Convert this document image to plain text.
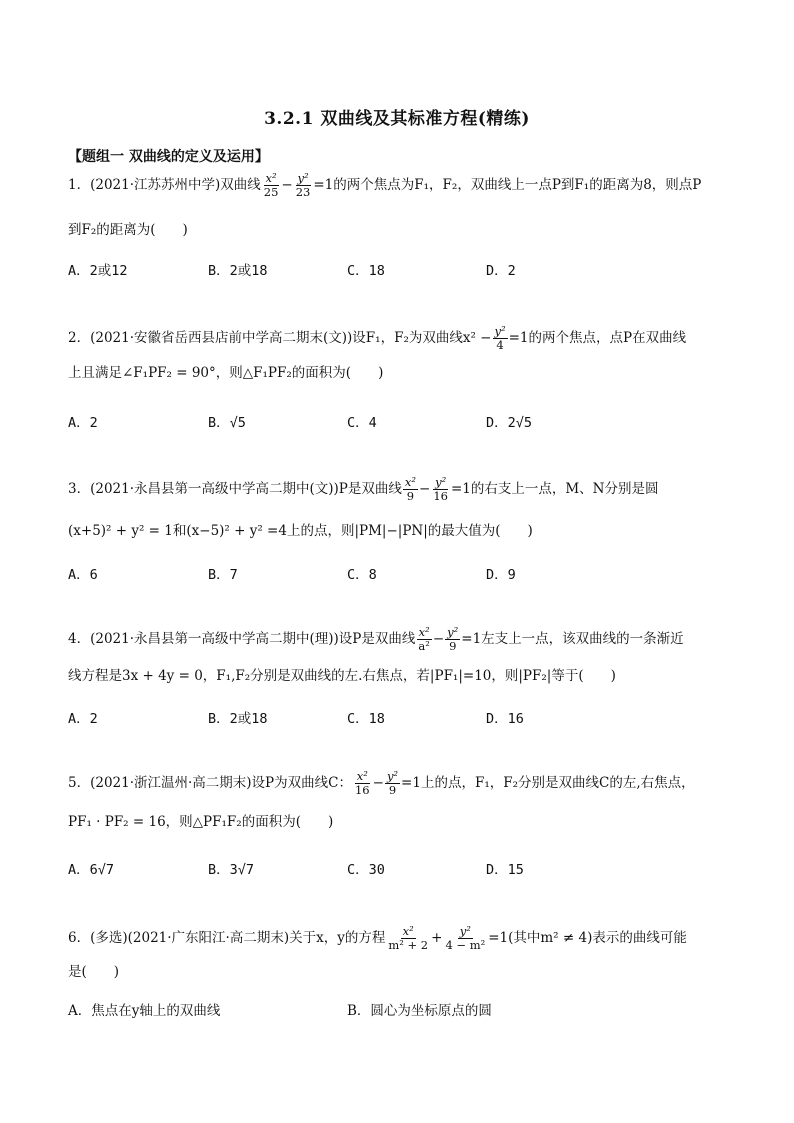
3.2.1 双曲线及其标准方程(精练)
【题组一 双曲线的定义及运用】
1．(2021·江苏苏州中学)双曲线 $\frac{\text{x²}}{25} - \frac{\text{y²}}{23} =1$的两个焦点为F₁，F₂，双曲线上一点P到F₁的距离为8，则点P
到F₂的距离为(　　)
A．2或12	B．2或18	C．18	D．2
2．(2021·安徽省岳西县店前中学高二期末(文))设F₁，F₂为双曲线$x^2 - \frac{\text{y²}}{4} =1$的两个焦点，点P在双曲线
上且满足∠F₁PF₂ = 90°，则△F₁PF₂的面积为(　　)
A．2	B．√5	C．4	D．2√5
3．(2021·永昌县第一高级中学高二期中(文))P是双曲线 $\frac{\text{x²}}{9} - \frac{\text{y²}}{16} =1$的右支上一点，M、N分别是圆
(x+5)² + y² = 1和(x−5)² + y² =4上的点，则|PM|−|PN|的最大值为(　　)
A．6	B．7	C．8	D．9
4．(2021·永昌县第一高级中学高二期中(理))设P是双曲线 $\frac{\text{x²}}{\text{a²}} - \frac{\text{y²}}{9} =1$左支上一点，该双曲线的一条渐近
线方程是3x + 4y = 0，F₁,F₂分别是双曲线的左.右焦点，若|PF₁|=10，则|PF₂|等于(　　)
A．2	B．2或18	C．18	D．16
5．(2021·浙江温州·高二期末)设P为双曲线C： $\frac{\text{x²}}{16} - \frac{\text{y²}}{9} =1$上的点，F₁，F₂分别是双曲线C的左,右焦点，
PF₁ · PF₂ = 16，则△PF₁F₂的面积为(　　)
A．6√7	B．3√7	C．30	D．15
6．(多选)(2021·广东阳江·高二期末)关于x，y的方程 $\frac{\text{x²}}{\text{m² + 2}} + \frac{\text{y²}}{\text{4 − m²}} =1$(其中m² ≠ 4)表示的曲线可能
是(　　)
A．焦点在y轴上的双曲线	B．圆心为坐标原点的圆
